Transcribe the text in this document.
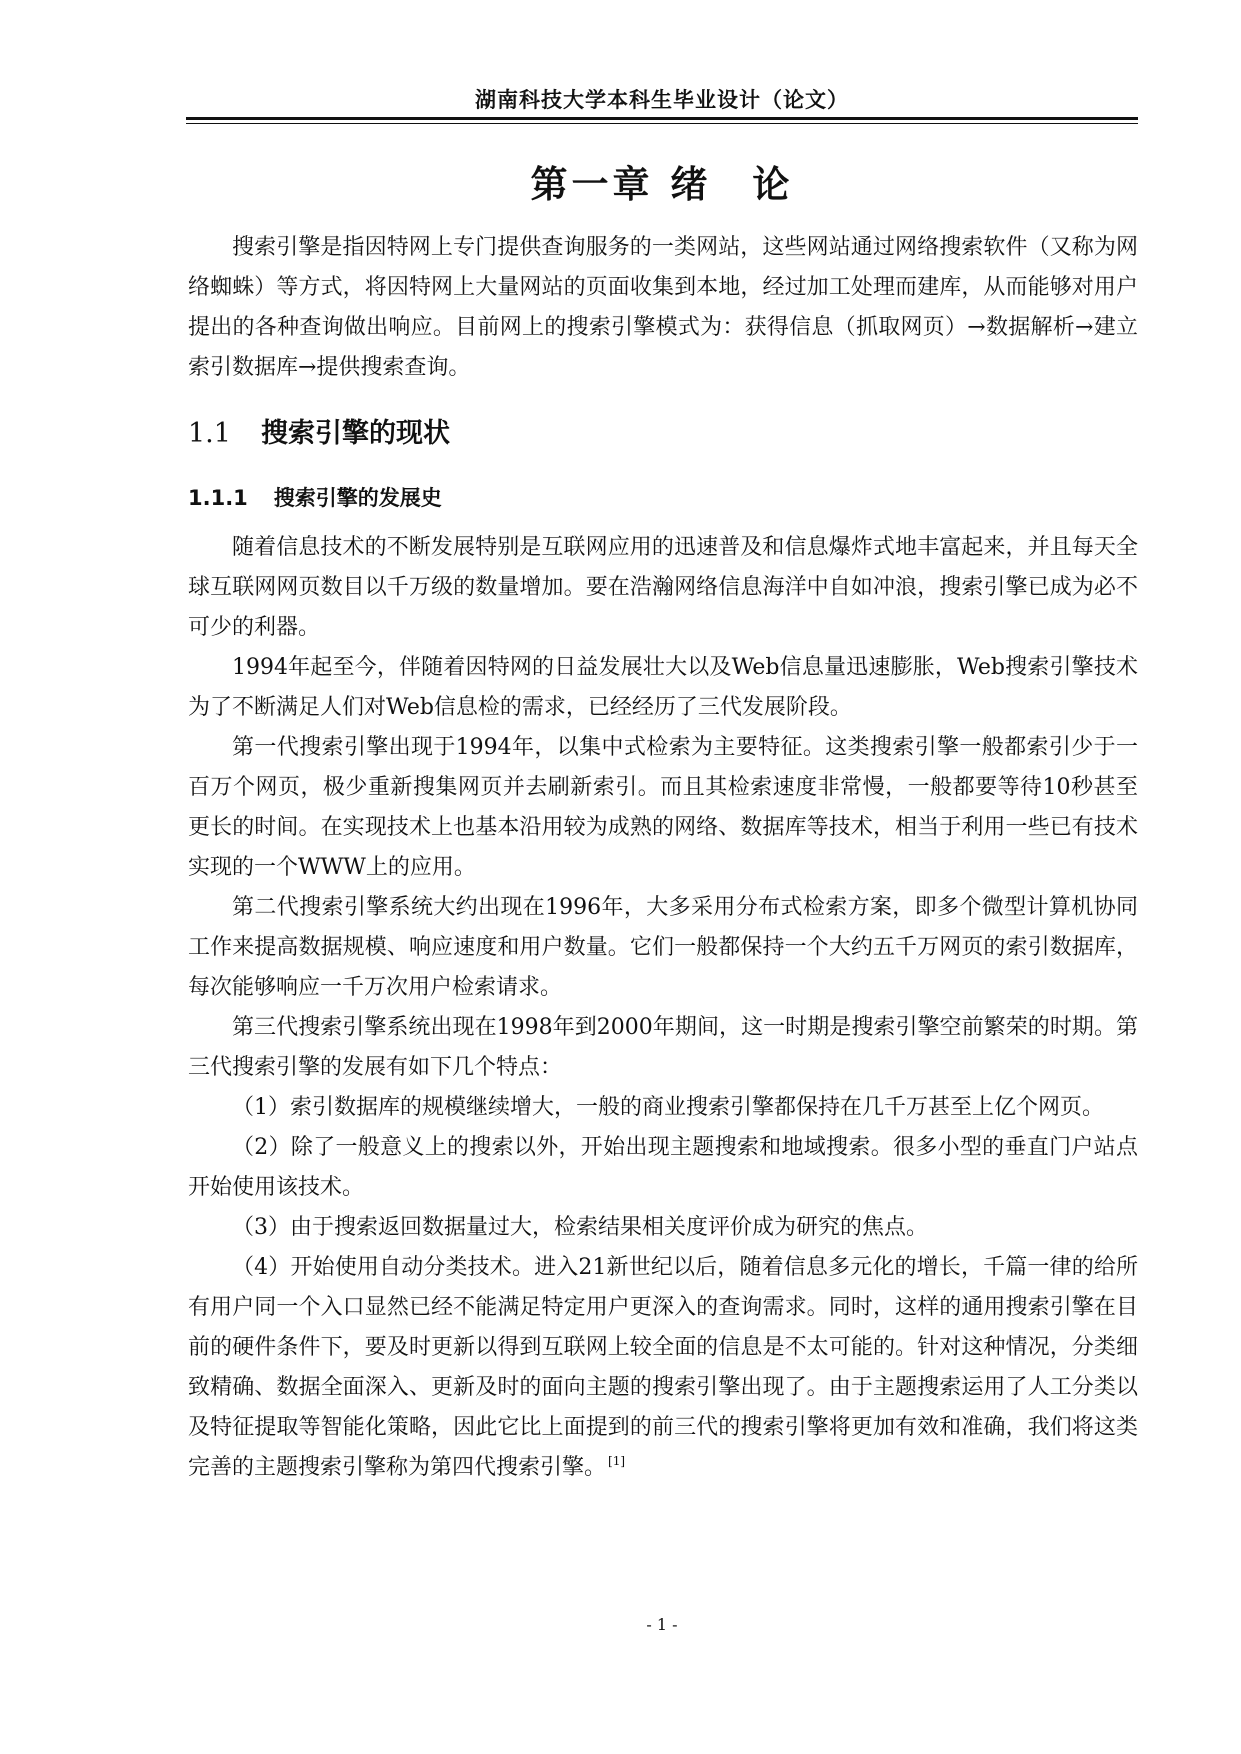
湖南科技大学本科生毕业设计（论文）
第一章 绪　论

搜索引擎是指因特网上专门提供查询服务的一类网站，这些网站通过网络搜索软件（又称为网络蜘蛛）等方式，将因特网上大量网站的页面收集到本地，经过加工处理而建库，从而能够对用户提出的各种查询做出响应。目前网上的搜索引擎模式为：获得信息（抓取网页）→数据解析→建立索引数据库→提供搜索查询。

1.1 搜索引擎的现状
1.1.1 搜索引擎的发展史

随着信息技术的不断发展特别是互联网应用的迅速普及和信息爆炸式地丰富起来，并且每天全球互联网网页数目以千万级的数量增加。要在浩瀚网络信息海洋中自如冲浪，搜索引擎已成为必不可少的利器。

1994年起至今，伴随着因特网的日益发展壮大以及Web信息量迅速膨胀，Web搜索引擎技术为了不断满足人们对Web信息检的需求，已经经历了三代发展阶段。

第一代搜索引擎出现于1994年，以集中式检索为主要特征。这类搜索引擎一般都索引少于一百万个网页，极少重新搜集网页并去刷新索引。而且其检索速度非常慢，一般都要等待10秒甚至更长的时间。在实现技术上也基本沿用较为成熟的网络、数据库等技术，相当于利用一些已有技术实现的一个WWW上的应用。

第二代搜索引擎系统大约出现在1996年，大多采用分布式检索方案，即多个微型计算机协同工作来提高数据规模、响应速度和用户数量。它们一般都保持一个大约五千万网页的索引数据库，每次能够响应一千万次用户检索请求。

第三代搜索引擎系统出现在1998年到2000年期间，这一时期是搜索引擎空前繁荣的时期。第三代搜索引擎的发展有如下几个特点：

（1）索引数据库的规模继续增大，一般的商业搜索引擎都保持在几千万甚至上亿个网页。

（2）除了一般意义上的搜索以外，开始出现主题搜索和地域搜索。很多小型的垂直门户站点开始使用该技术。

（3）由于搜索返回数据量过大，检索结果相关度评价成为研究的焦点。

（4）开始使用自动分类技术。进入21新世纪以后，随着信息多元化的增长，千篇一律的给所有用户同一个入口显然已经不能满足特定用户更深入的查询需求。同时，这样的通用搜索引擎在目前的硬件条件下，要及时更新以得到互联网上较全面的信息是不太可能的。针对这种情况，分类细致精确、数据全面深入、更新及时的面向主题的搜索引擎出现了。由于主题搜索运用了人工分类以及特征提取等智能化策略，因此它比上面提到的前三代的搜索引擎将更加有效和准确，我们将这类完善的主题搜索引擎称为第四代搜索引擎。 [1]

- 1 -
